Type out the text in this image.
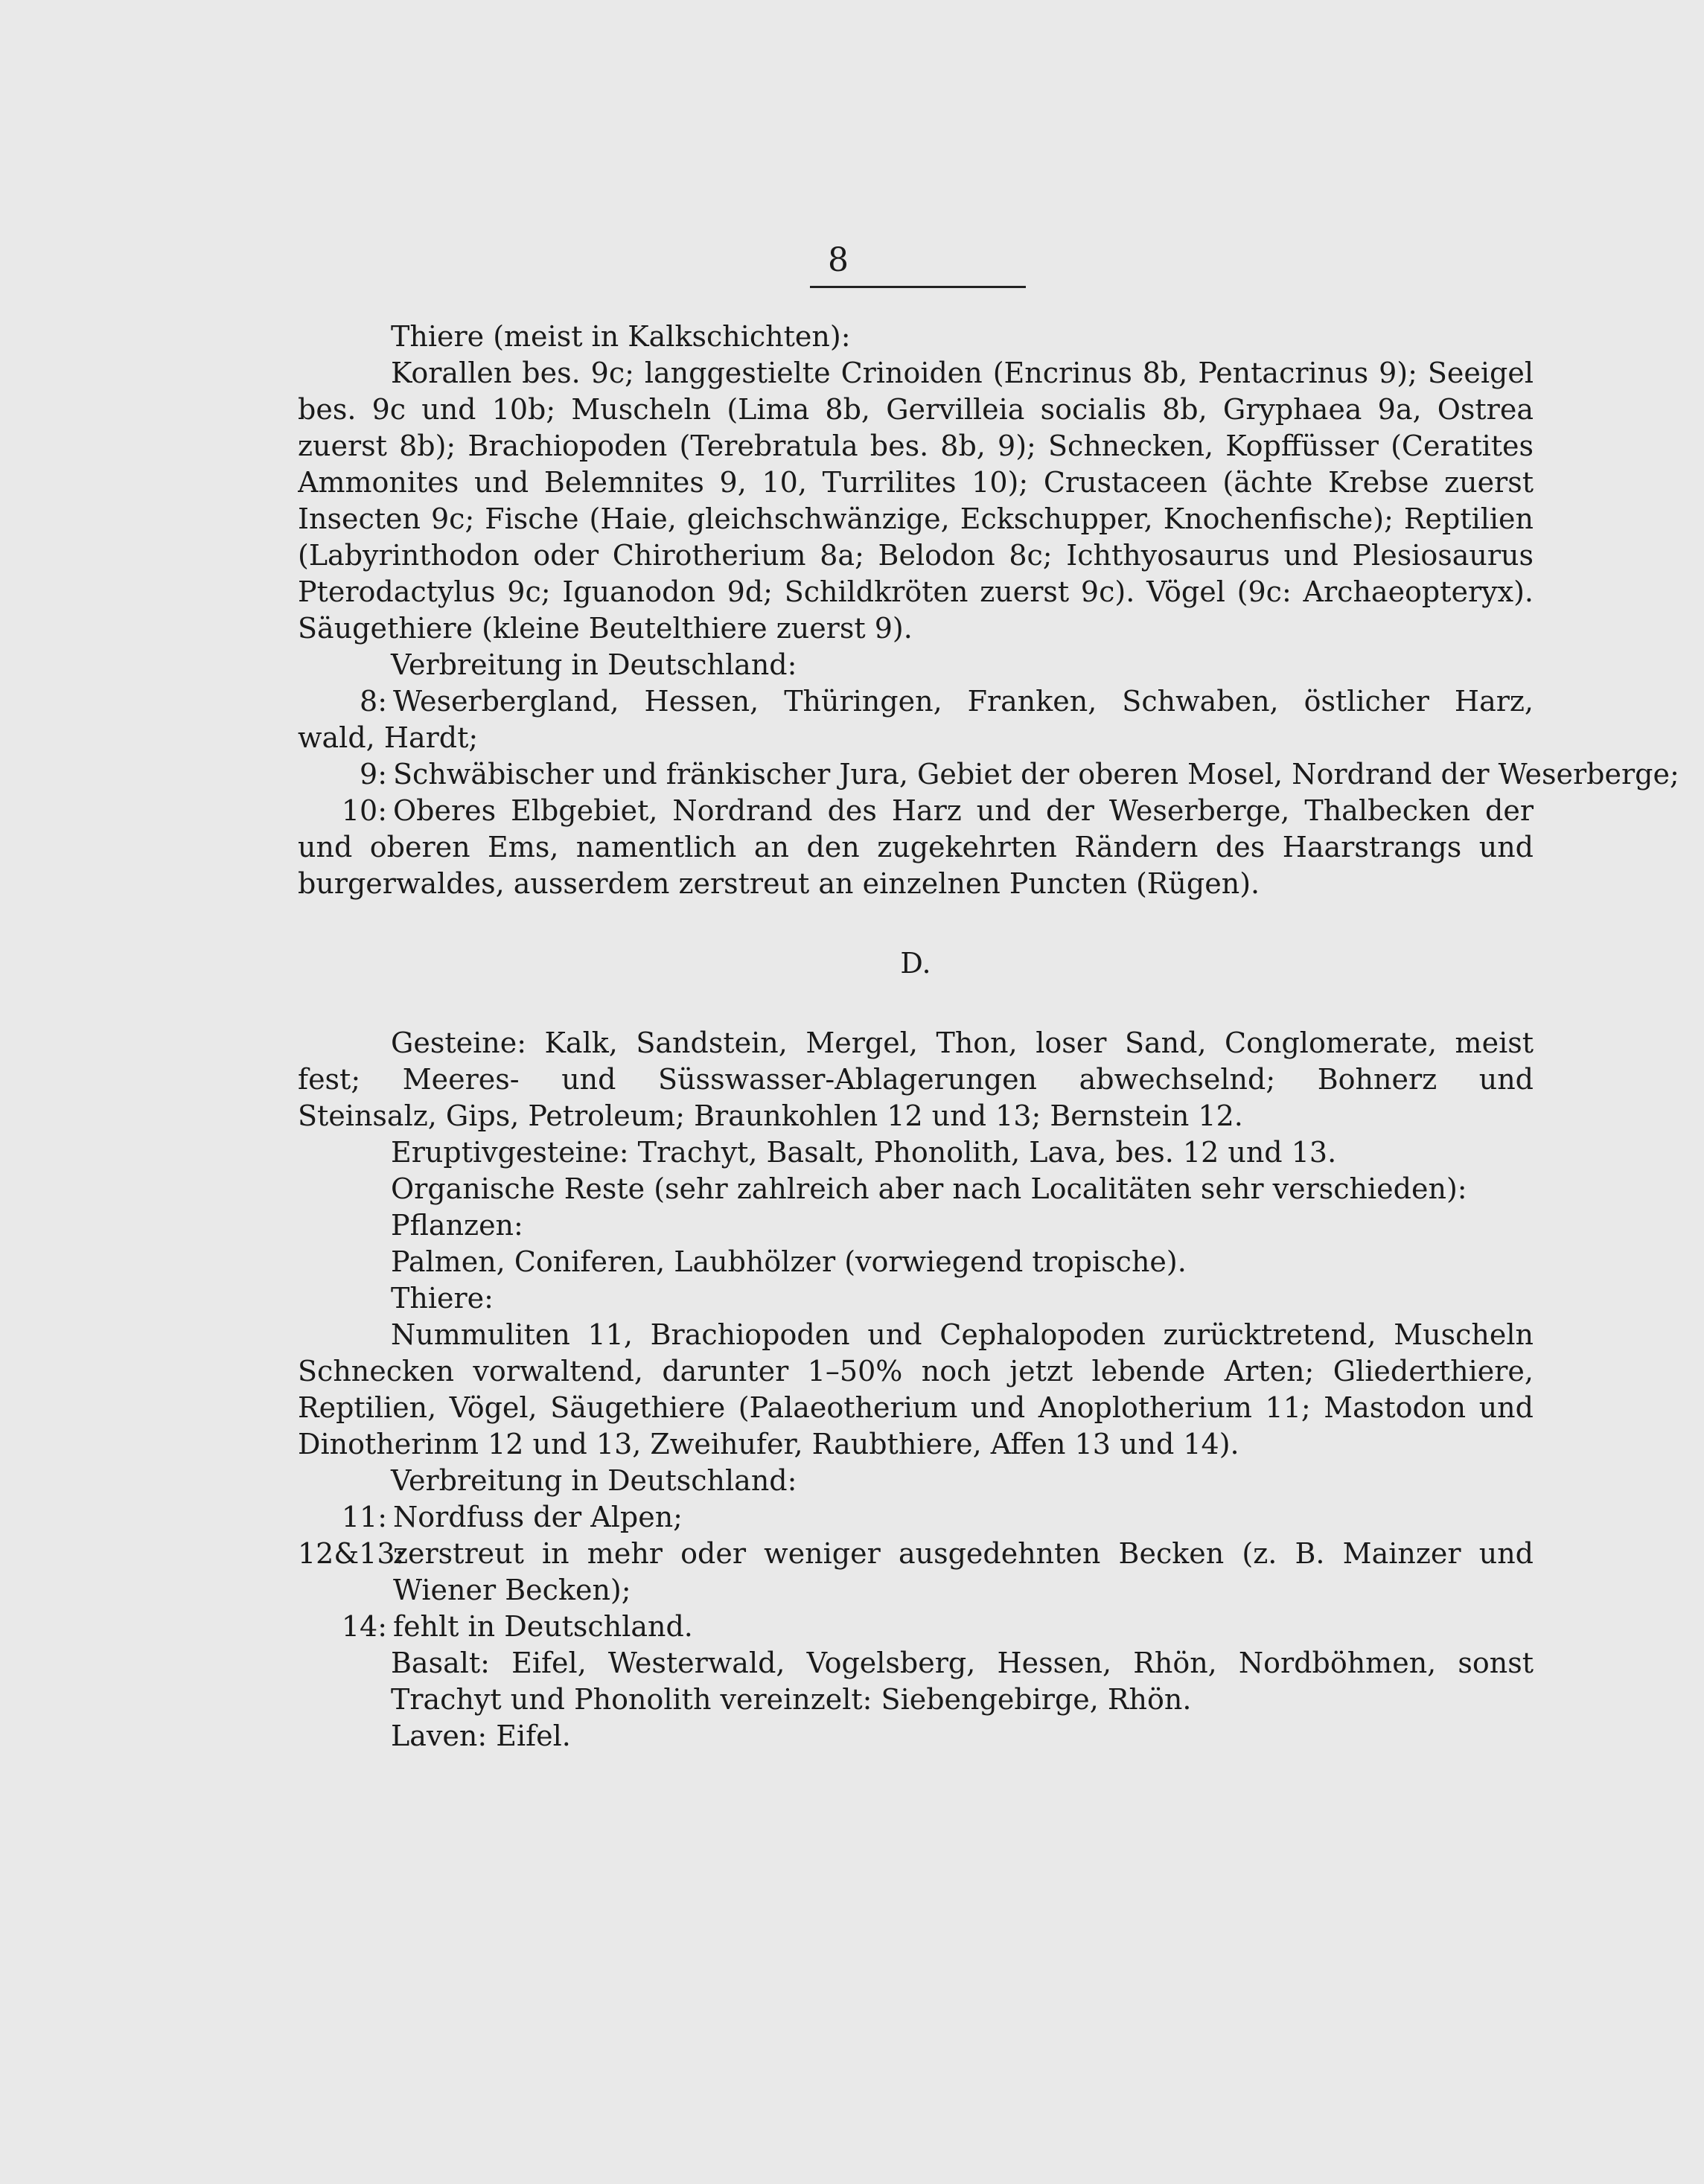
8
Thiere (meist in Kalkschichten):
Korallen bes. 9c; langgestielte Crinoiden (Encrinus 8b, Pentacrinus 9); Seeigel
bes. 9c und 10b; Muscheln (Lima 8b, Gervilleia socialis 8b, Gryphaea 9a, Ostrea
zuerst 8b); Brachiopoden (Terebratula bes. 8b, 9); Schnecken, Kopffüsser (Ceratites
Ammonites und Belemnites 9, 10, Turrilites 10); Crustaceen (ächte Krebse zuerst
Insecten 9c; Fische (Haie, gleichschwänzige, Eckschupper, Knochenfische); Reptilien
(Labyrinthodon oder Chirotherium 8a; Belodon 8c; Ichthyosaurus und Plesiosaurus
Pterodactylus 9c; Iguanodon 9d; Schildkröten zuerst 9c). Vögel (9c: Archaeopteryx).
Säugethiere (kleine Beutelthiere zuerst 9).
Verbreitung in Deutschland:
8: Weserbergland, Hessen, Thüringen, Franken, Schwaben, östlicher Harz,
wald, Hardt;
9: Schwäbischer und fränkischer Jura, Gebiet der oberen Mosel, Nordrand der Weserberge;
10: Oberes Elbgebiet, Nordrand des Harz und der Weserberge, Thalbecken der
und oberen Ems, namentlich an den zugekehrten Rändern des Haarstrangs und
burgerwaldes, ausserdem zerstreut an einzelnen Puncten (Rügen).
D.
Gesteine: Kalk, Sandstein, Mergel, Thon, loser Sand, Conglomerate, meist
fest; Meeres- und Süsswasser-Ablagerungen abwechselnd; Bohnerz und
Steinsalz, Gips, Petroleum; Braunkohlen 12 und 13; Bernstein 12.
Eruptivgesteine: Trachyt, Basalt, Phonolith, Lava, bes. 12 und 13.
Organische Reste (sehr zahlreich aber nach Localitäten sehr verschieden):
Pflanzen:
Palmen, Coniferen, Laubhölzer (vorwiegend tropische).
Thiere:
Nummuliten 11, Brachiopoden und Cephalopoden zurücktretend, Muscheln
Schnecken vorwaltend, darunter 1–50% noch jetzt lebende Arten; Gliederthiere,
Reptilien, Vögel, Säugethiere (Palaeotherium und Anoplotherium 11; Mastodon und
Dinotherinm 12 und 13, Zweihufer, Raubthiere, Affen 13 und 14).
Verbreitung in Deutschland:
11: Nordfuss der Alpen;
12&13:
zerstreut in mehr oder weniger ausgedehnten Becken (z. B. Mainzer und
Wiener Becken);
14: fehlt in Deutschland.
Basalt: Eifel, Westerwald, Vogelsberg, Hessen, Rhön, Nordböhmen, sonst
Trachyt und Phonolith vereinzelt: Siebengebirge, Rhön.
Laven: Eifel.
